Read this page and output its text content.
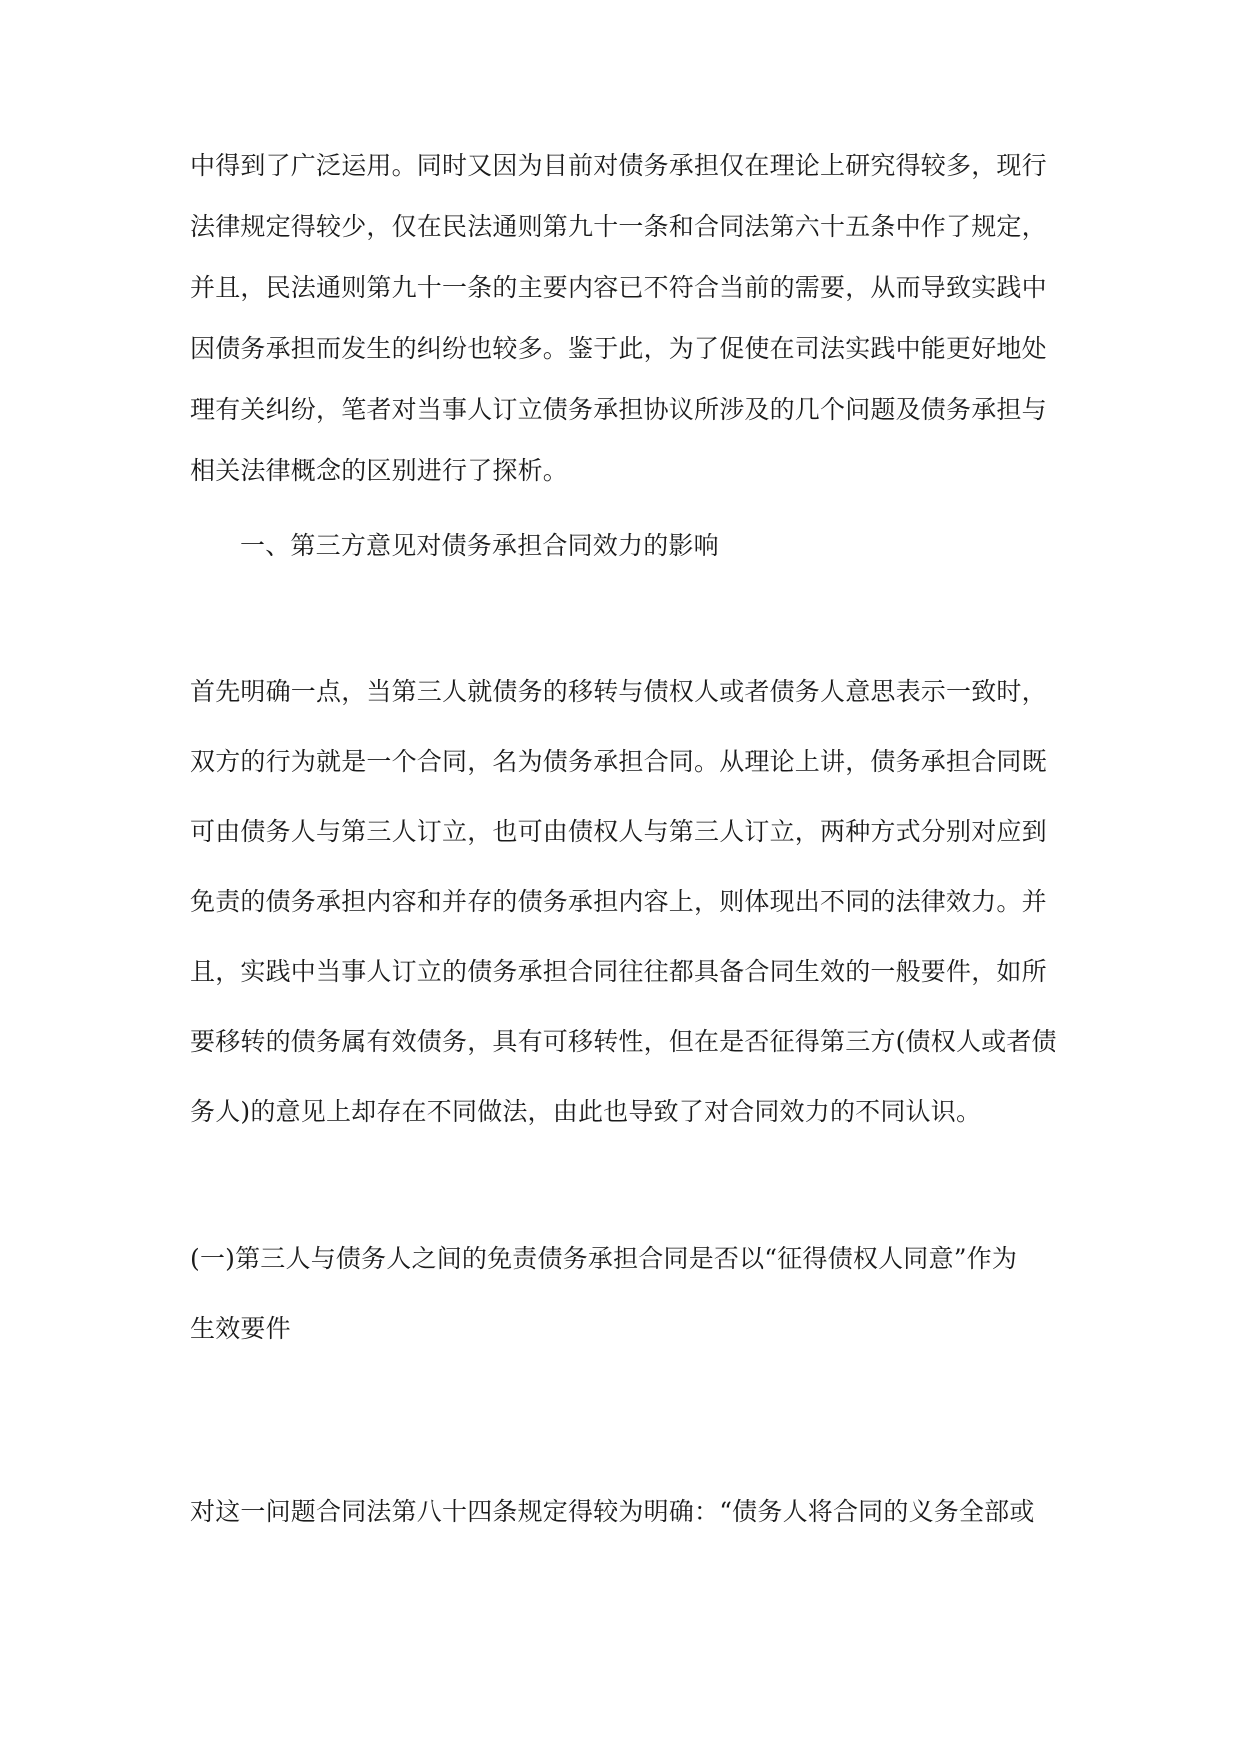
中得到了广泛运用。同时又因为目前对债务承担仅在理论上研究得较多，现行
法律规定得较少，仅在民法通则第九十一条和合同法第六十五条中作了规定，
并且，民法通则第九十一条的主要内容已不符合当前的需要，从而导致实践中
因债务承担而发生的纠纷也较多。鉴于此，为了促使在司法实践中能更好地处
理有关纠纷，笔者对当事人订立债务承担协议所涉及的几个问题及债务承担与
相关法律概念的区别进行了探析。
一、第三方意见对债务承担合同效力的影响
首先明确一点，当第三人就债务的移转与债权人或者债务人意思表示一致时，
双方的行为就是一个合同，名为债务承担合同。从理论上讲，债务承担合同既
可由债务人与第三人订立，也可由债权人与第三人订立，两种方式分别对应到
免责的债务承担内容和并存的债务承担内容上，则体现出不同的法律效力。并
且，实践中当事人订立的债务承担合同往往都具备合同生效的一般要件，如所
要移转的债务属有效债务，具有可移转性，但在是否征得第三方(债权人或者债
务人)的意见上却存在不同做法，由此也导致了对合同效力的不同认识。
(一)第三人与债务人之间的免责债务承担合同是否以“征得债权人同意”作为
生效要件
对这一问题合同法第八十四条规定得较为明确：“债务人将合同的义务全部或
